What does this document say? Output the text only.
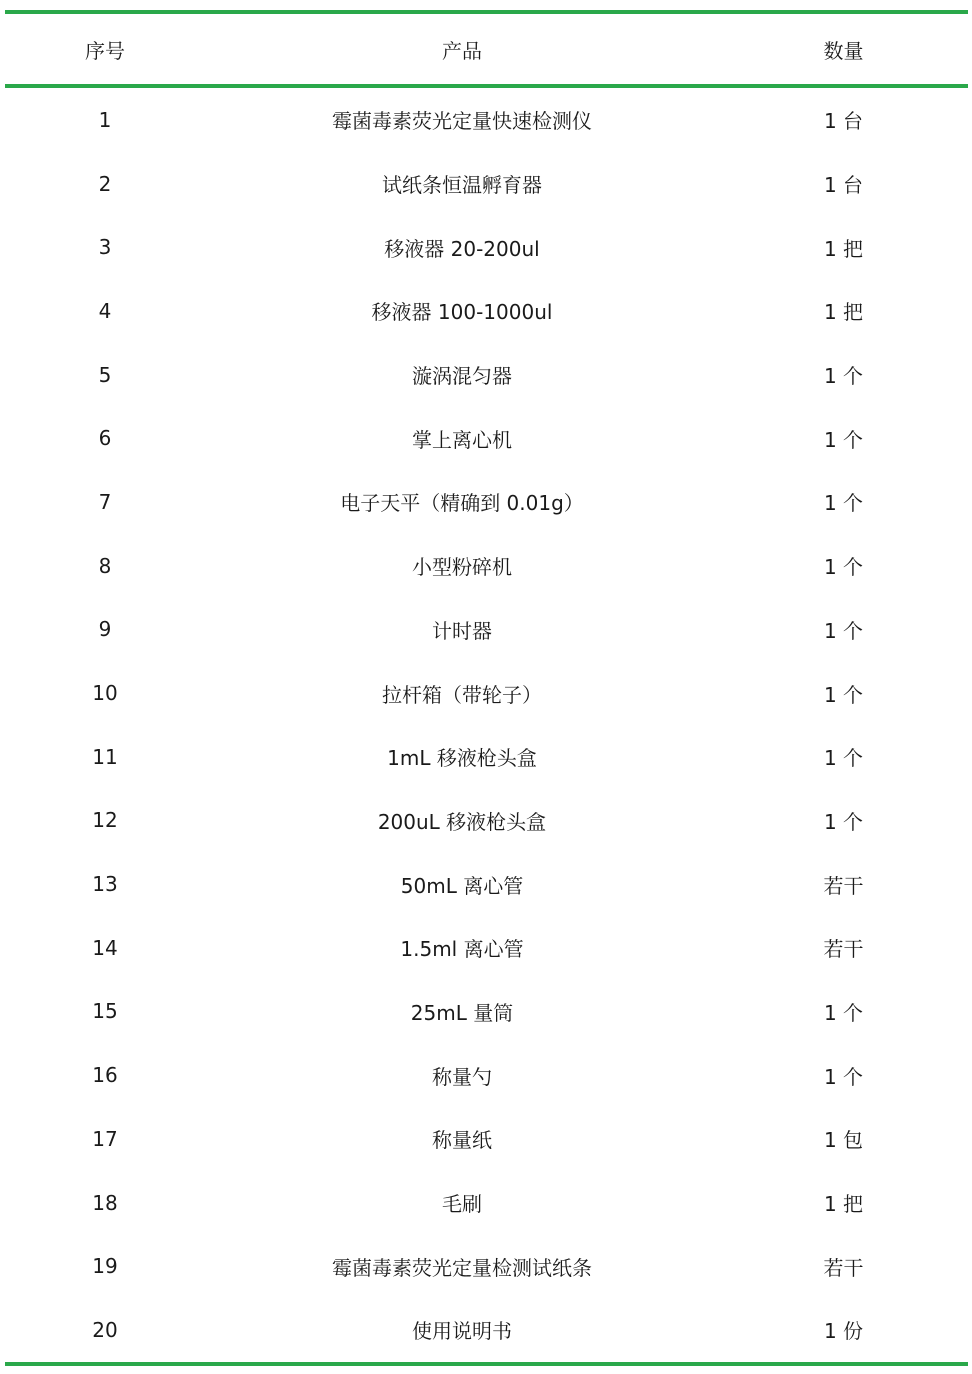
序号	产品	数量
1	霉菌毒素荧光定量快速检测仪	1 台
2	试纸条恒温孵育器	1 台
3	移液器 20-200ul	1 把
4	移液器 100-1000ul	1 把
5	漩涡混匀器	1 个
6	掌上离心机	1 个
7	电子天平（精确到 0.01g）	1 个
8	小型粉碎机	1 个
9	计时器	1 个
10	拉杆箱（带轮子）	1 个
11	1mL 移液枪头盒	1 个
12	200uL 移液枪头盒	1 个
13	50mL 离心管	若干
14	1.5ml 离心管	若干
15	25mL 量筒	1 个
16	称量勺	1 个
17	称量纸	1 包
18	毛刷	1 把
19	霉菌毒素荧光定量检测试纸条	若干
20	使用说明书	1 份
